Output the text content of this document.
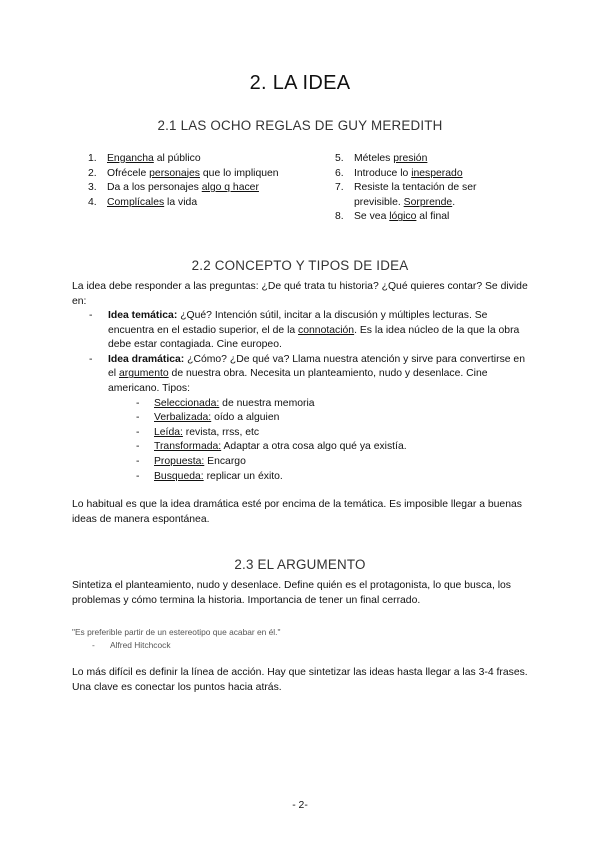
2. LA IDEA
2.1 LAS OCHO REGLAS DE GUY MEREDITH
1. Engancha al público
2. Ofrécele personajes que lo impliquen
3. Da a los personajes algo q hacer
4. Complícales la vida
5. Mételes presión
6. Introduce lo inesperado
7. Resiste la tentación de ser previsible. Sorprende.
8. Se vea lógico al final
2.2 CONCEPTO Y TIPOS DE IDEA
La idea debe responder a las preguntas: ¿De qué trata tu historia? ¿Qué quieres contar? Se divide en:
- Idea temática: ¿Qué? Intención sútil, incitar a la discusión y múltiples lecturas. Se encuentra en el estadio superior, el de la connotación. Es la idea núcleo de la que la obra debe estar contagiada. Cine europeo.
- Idea dramática: ¿Cómo? ¿De qué va? Llama nuestra atención y sirve para convertirse en el argumento de nuestra obra. Necesita un planteamiento, nudo y desenlace. Cine americano. Tipos:
- Seleccionada: de nuestra memoria
- Verbalizada: oído a alguien
- Leída: revista, rrss, etc
- Transformada: Adaptar a otra cosa algo qué ya existía.
- Propuesta: Encargo
- Busqueda: replicar un éxito.
Lo habitual es que la idea dramática esté por encima de la temática. Es imposible llegar a buenas ideas de manera espontánea.
2.3 EL ARGUMENTO
Sintetiza el planteamiento, nudo y desenlace. Define quién es el protagonista, lo que busca, los problemas y cómo termina la historia. Importancia de tener un final cerrado.
"Es preferible partir de un estereotipo que acabar en él."
- Alfred Hitchcock
Lo más difícil es definir la línea de acción. Hay que sintetizar las ideas hasta llegar a las 3-4 frases. Una clave es conectar los puntos hacia atrás.
- 2-
